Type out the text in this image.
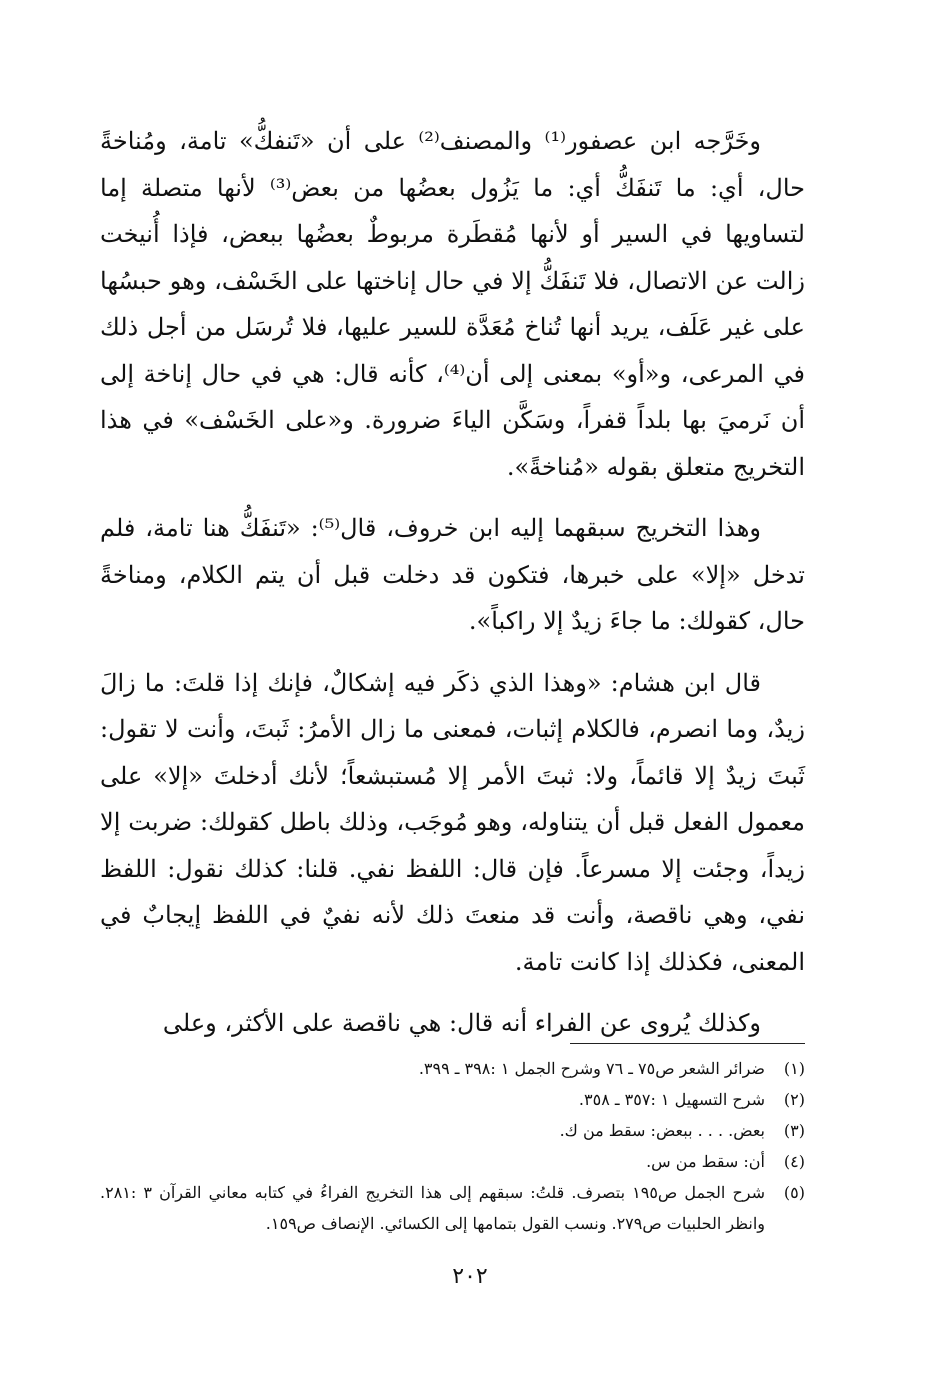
وخَرَّجه ابن عصفور⁽¹⁾ والمصنف⁽²⁾ على أن «تَنفكُّ» تامة، ومُناخةً حال، أي: ما تَنفَكُّ أي: ما يَزُول بعضُها من بعض⁽³⁾ لأنها متصلة إما لتساويها في السير أو لأنها مُقطَرة مربوطٌ بعضُها ببعض، فإذا أُنيخت زالت عن الاتصال، فلا تَنفَكُّ إلا في حال إناختها على الخَسْف، وهو حبسُها على غير عَلَف، يريد أنها تُناخ مُعَدَّة للسير عليها، فلا تُرسَل من أجل ذلك في المرعى، و«أو» بمعنى إلى أن⁽⁴⁾، كأنه قال: هي في حال إناخة إلى أن نَرميَ بها بلداً قفراً، وسَكَّن الياءَ ضرورة. و«على الخَسْف» في هذا التخريج متعلق بقوله «مُناخةً».

وهذا التخريج سبقهما إليه ابن خروف، قال⁽⁵⁾: «تَنفَكُّ هنا تامة، فلم تدخل «إلا» على خبرها، فتكون قد دخلت قبل أن يتم الكلام، ومناخةً حال، كقولك: ما جاءَ زيدٌ إلا راكباً».

قال ابن هشام: «وهذا الذي ذكَر فيه إشكالٌ، فإنك إذا قلتَ: ما زالَ زيدٌ، وما انصرم، فالكلام إثبات، فمعنى ما زال الأمرُ: ثَبتَ، وأنت لا تقول: ثَبتَ زيدٌ إلا قائماً، ولا: ثبتَ الأمر إلا مُستبشعاً؛ لأنك أدخلتَ «إلا» على معمول الفعل قبل أن يتناوله، وهو مُوجَب، وذلك باطل كقولك: ضربت إلا زيداً، وجئت إلا مسرعاً. فإن قال: اللفظ نفي. قلنا: كذلك نقول: اللفظ نفي، وهي ناقصة، وأنت قد منعتَ ذلك لأنه نفيٌ في اللفظ إيجابٌ في المعنى، فكذلك إذا كانت تامة.

وكذلك يُروى عن الفراء أنه قال: هي ناقصة على الأكثر، وعلى

(١)
ضرائر الشعر ص٧٥ ـ ٧٦ وشرح الجمل ١ :٣٩٨ ـ ٣٩٩.
(٢)
شرح التسهيل ١ :٣٥٧ ـ ٣٥٨.
(٣)
بعض. . . . ببعض: سقط من ك.
(٤)
أن: سقط من س.
(٥)
شرح الجمل ص١٩٥ بتصرف. قلتُ: سبقهم إلى هذا التخريج الفراءُ في كتابه معاني القرآن ٣ :٢٨١. وانظر الحلبيات ص٢٧٩. ونسب القول بتمامها إلى الكسائي. الإنصاف ص١٥٩.
٢٠٢
